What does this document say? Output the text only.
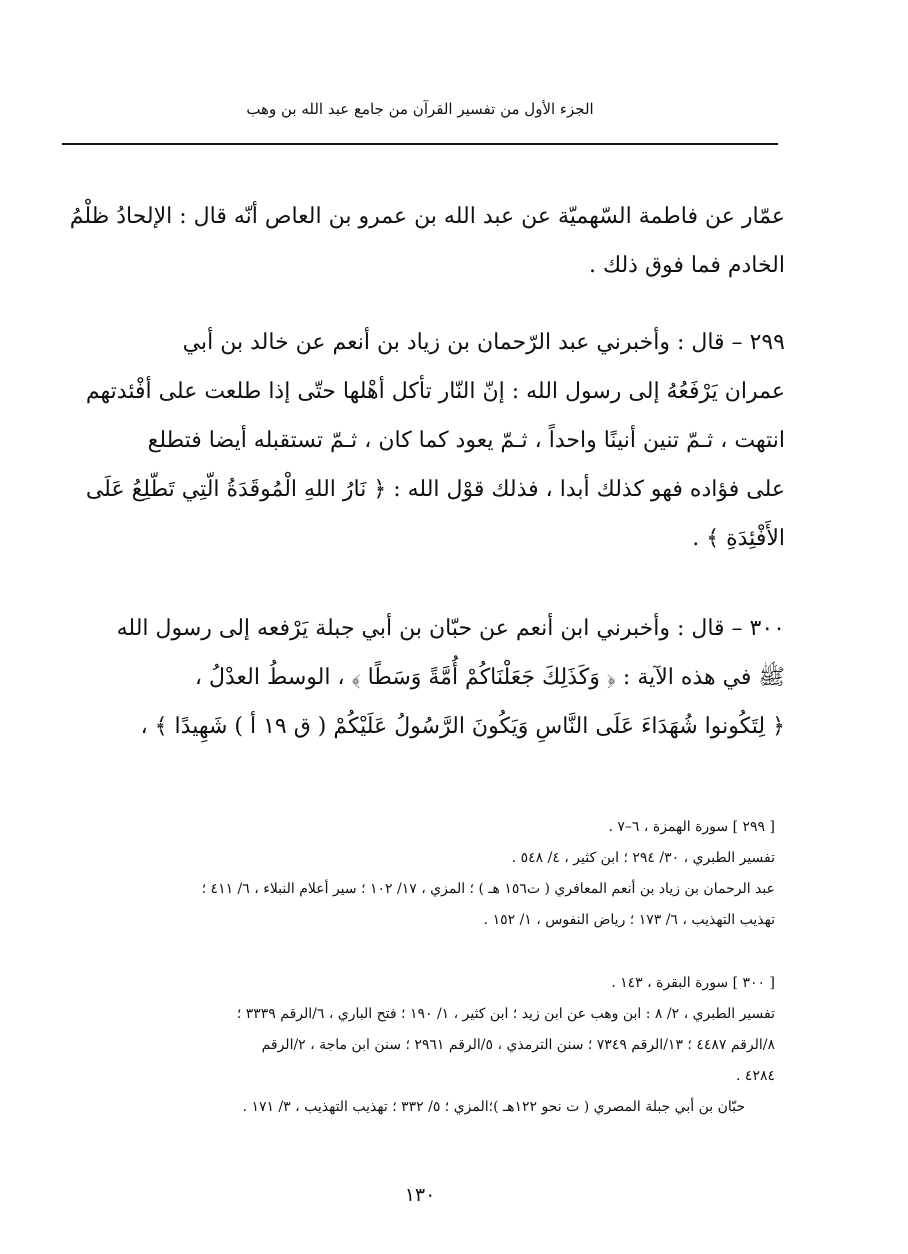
الجزء الأول من تفسير القرآن من جامع عبد الله بن وهب
عمّار عن فاطمة السّهميّة عن عبد الله بن عمرو بن العاص أنّه قال : الإلحادُ ظلْمُ
الخادم فما فوق ذلك .
٢٩٩ – قال : وأخبرني عبد الرّحمان بن زياد بن أنعم عن خالد بن أبي
عمران يَرْفَعُهُ إلى رسول الله : إنّ النّار تأكل أهْلها حتّى إذا طلعت على أفْئدتهم
انتهت ، ثـمّ تنين أنينًا واحداً ، ثـمّ يعود كما كان ، ثـمّ تستقبله أيضا فتطلع
على فؤاده فهو كذلك أبدا ، فذلك قوْل الله : ﴿ نَارُ اللهِ الْمُوقَدَةُ الّتِي تَطّلِعُ عَلَى
الأَفْئِدَةِ ﴾ .
٣٠٠ – قال : وأخبرني ابن أنعم عن حبّان بن أبي جبلة يَرْفعه إلى رسول الله
ﷺ في هذه الآية : ﴿ وَكَذَلِكَ جَعَلْنَاكُمْ أُمَّةً وَسَطًا ﴾ ، الوسطُ العدْلُ ،
﴿ لِتَكُونوا شُهَدَاءَ عَلَى النَّاسِ وَيَكُونَ الرَّسُولُ عَلَيْكُمْ ( ق ١٩ أ ) شَهِيدًا ﴾ ،
[ ٢٩٩ ] سورة الهمزة ، ٦–٧ .
تفسير الطبري ، ٣٠/ ٢٩٤ ؛ ابن كثير ، ٤/ ٥٤٨ .
عبد الرحمان بن زياد بن أنعم المعافري ( ت١٥٦ هـ ) ؛ المزي ، ١٧/ ١٠٢ ؛ سير أعلام النبلاء ، ٦/ ٤١١ ؛
تهذيب التهذيب ، ٦/ ١٧٣ ؛ رياض النفوس ، ١/ ١٥٢ .
[ ٣٠٠ ] سورة البقرة ، ١٤٣ .
تفسير الطبري ، ٢/ ٨ : ابن وهب عن ابن زيد ؛ ابن كثير ، ١/ ١٩٠ ؛ فتح الباري ، ٦/الرقم ٣٣٣٩ ؛
٨/الرقم ٤٤٨٧ ؛ ١٣/الرقم ٧٣٤٩ ؛ سنن الترمذي ، ٥/الرقم ٢٩٦١ ؛ سنن ابن ماجة ، ٢/الرقم
٤٢٨٤ .
حبّان بن أبي جبلة المصري ( ت نحو ١٢٢هـ )؛المزي ؛ ٥/ ٣٣٢ ؛ تهذيب التهذيب ، ٣/ ١٧١ .
١٣٠
